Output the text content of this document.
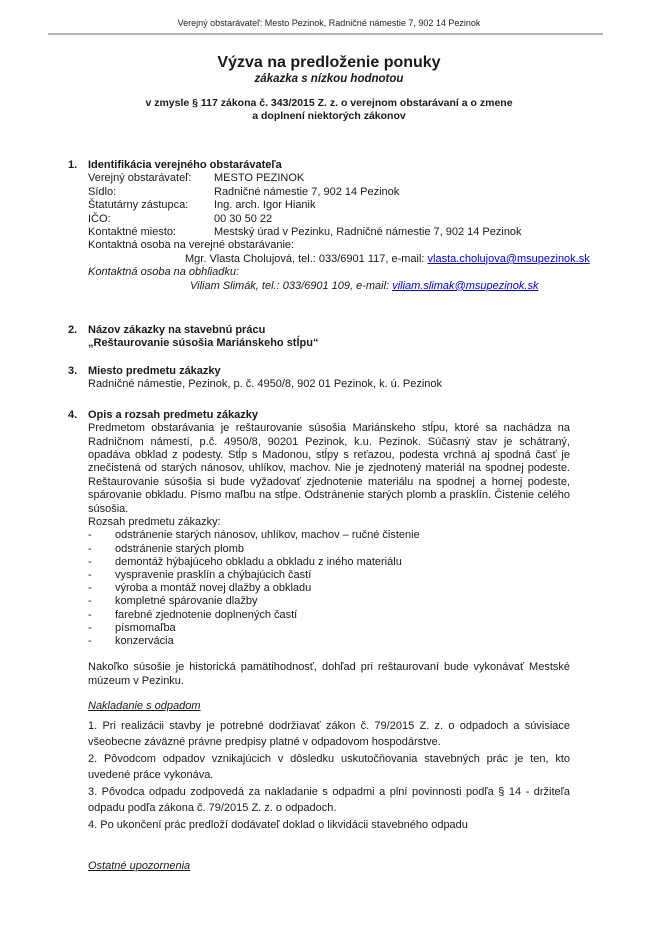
Verejný obstarávateľ: Mesto Pezinok, Radničné námestie 7, 902 14 Pezinok
Výzva na predloženie ponuky
zákazka s nízkou hodnotou
v zmysle § 117 zákona č. 343/2015 Z. z. o verejnom obstarávaní a o zmene
a doplnení niektorých zákonov
1. Identifikácia verejného obstarávateľa
Verejný obstarávateľ:	MESTO PEZINOK
Sídlo:	Radničné námestie 7, 902 14 Pezinok
Štatutárny zástupca:	Ing. arch. Igor Hianik
IČO:	00 30 50 22
Kontaktné miesto:	Mestský úrad v Pezinku, Radničné námestie 7, 902 14 Pezinok
Kontaktná osoba na verejné obstarávanie:
Mgr. Vlasta Cholujová, tel.: 033/6901 117, e-mail: vlasta.cholujova@msupezinok.sk
Kontaktná osoba na obhliadku:
Viliam Slimák, tel.: 033/6901 109, e-mail: viliam.slimak@msupezinok.sk
2. Názov zákazky na stavebnú prácu
„Reštaurovanie súsošia Mariánskeho stĺpu“
3. Miesto predmetu zákazky
Radničné námestie, Pezinok, p. č. 4950/8, 902 01 Pezinok, k. ú. Pezinok
4. Opis a rozsah predmetu zákazky
Predmetom obstarávania je reštaurovanie súsošia Mariánskeho stĺpu, ktoré sa nachádza na Radničnom námestí, p.č. 4950/8, 90201 Pezinok, k.u. Pezinok. Súčasný stav je schátraný, opadáva obklad z podesty. Stĺp s Madonou, stĺpy s reťazou, podesta vrchná aj spodná časť je znečistená od starých nánosov, uhlíkov, machov. Nie je zjednotený materiál na spodnej podeste. Reštaurovanie súsošia si bude vyžadovať zjednotenie materiálu na spodnej a hornej podeste, spárovanie obkladu. Písmo maľbu na stĺpe. Odstránenie starých plomb a prasklín. Čistenie celého súsošia.
Rozsah predmetu zákazky:
- odstránenie starých nánosov, uhlíkov, machov – ručné čistenie
- odstránenie starých plomb
- demontáž hýbajúceho obkladu a obkladu z iného materiálu
- vyspravenie prasklín a chýbajúcich častí
- výroba a montáž novej dlažby a obkladu
- kompletné spárovanie dlažby
- farebné zjednotenie doplnených častí
- písmomaľba
- konzervácia
Nakoľko súsošie je historická pamätihodnosť, dohľad pri reštaurovaní bude vykonávať Mestské múzeum v Pezinku.
Nakladanie s odpadom
1. Pri realizácii stavby je potrebné dodržiavať zákon č. 79/2015 Z. z. o odpadoch a súvisiace všeobecne záväzné právne predpisy platné v odpadovom hospodárstve.
2. Pôvodcom odpadov vznikajúcich v dôsledku uskutočňovania stavebných prác je ten, kto uvedené práce vykonáva.
3. Pôvodca odpadu zodpovedá za nakladanie s odpadmi a plní povinnosti podľa § 14 - držiteľa odpadu podľa zákona č. 79/2015 Z. z. o odpadoch.
4. Po ukončení prác predloží dodávateľ doklad o likvidácii stavebného odpadu
Ostatné upozornenia
